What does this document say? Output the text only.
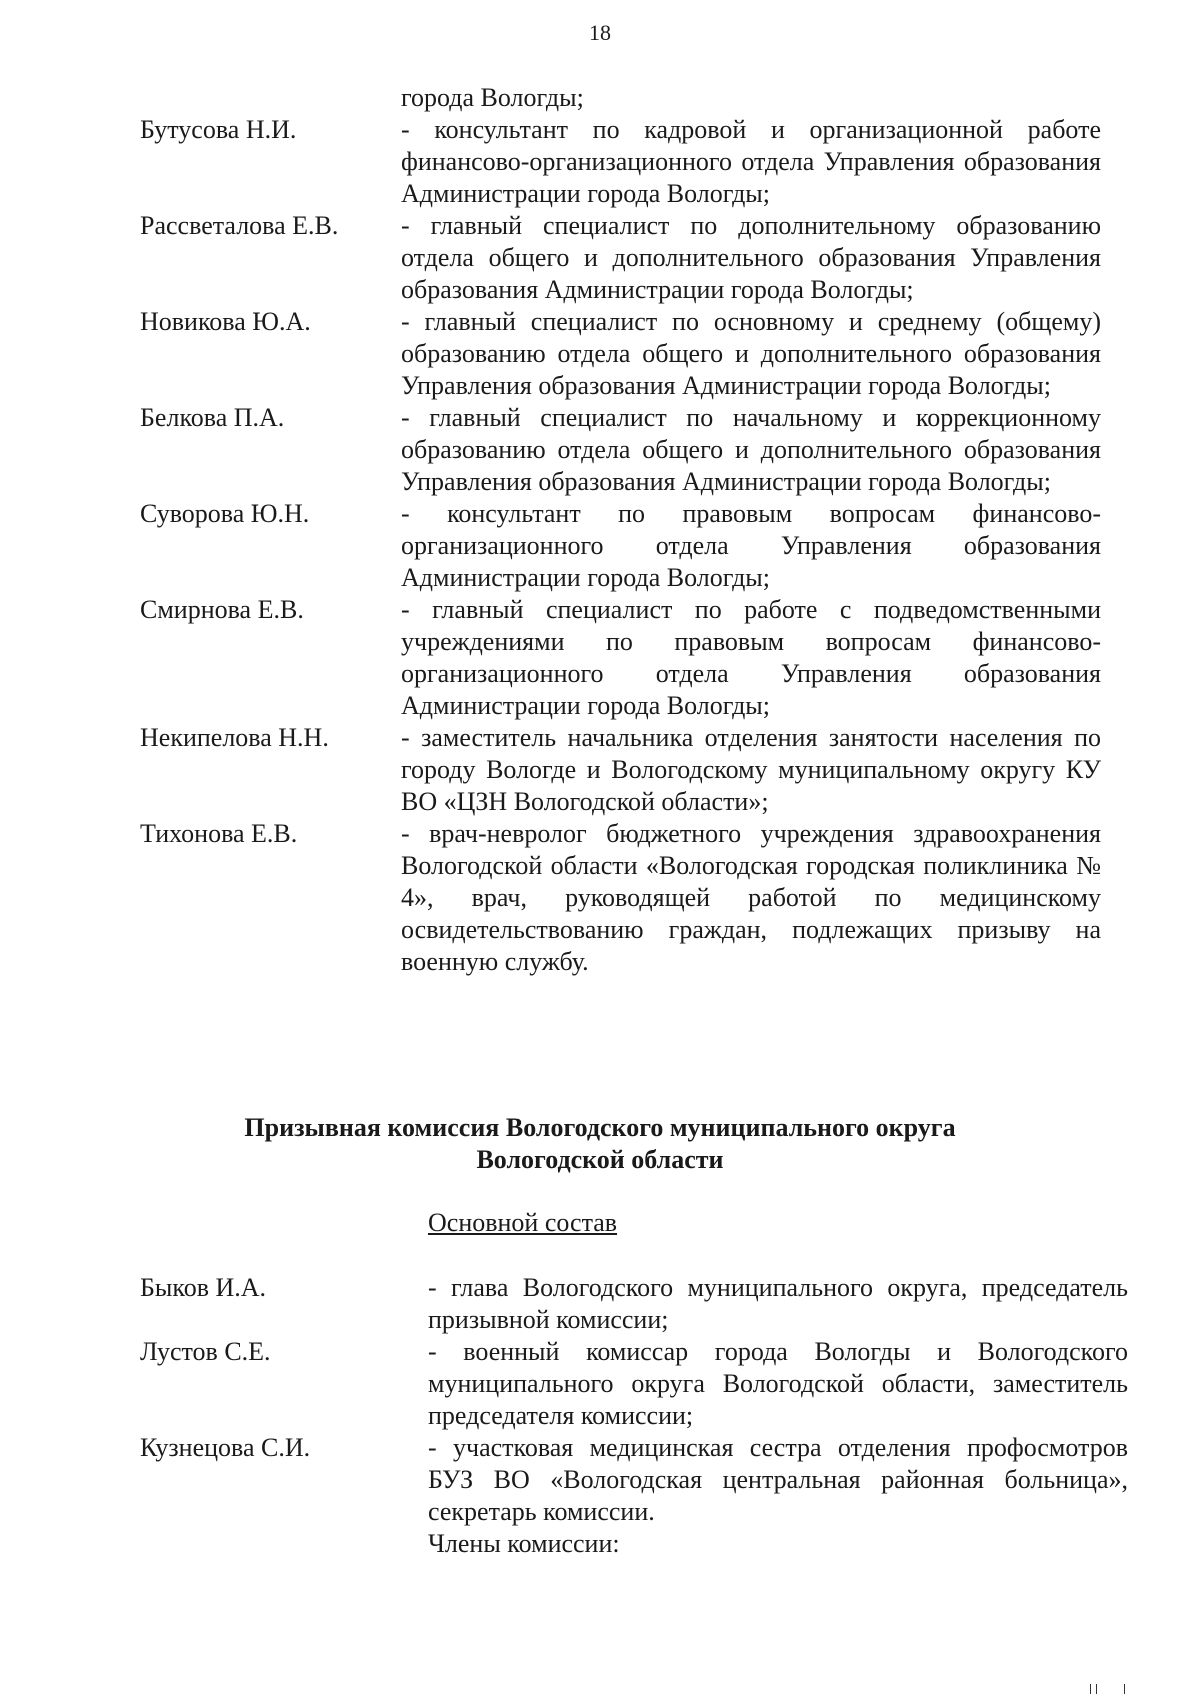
18
города Вологды;
Бутусова Н.И.	- консультант по кадровой и организационной работе финансово-организационного отдела Управления образования Администрации города Вологды;
Рассветалова Е.В. - главный специалист по дополнительному образованию отдела общего и дополнительного образования Управления образования Администрации города Вологды;
Новикова Ю.А.	- главный специалист по основному и среднему (общему) образованию отдела общего и дополнительного образования Управления образования Администрации города Вологды;
Белкова П.А.	- главный специалист по начальному и коррекционному образованию отдела общего и дополнительного образования Управления образования Администрации города Вологды;
Суворова Ю.Н.	- консультант по правовым вопросам финансово-организационного отдела Управления образования Администрации города Вологды;
Смирнова Е.В.	- главный специалист по работе с подведомственными учреждениями по правовым вопросам финансово-организационного отдела Управления образования Администрации города Вологды;
Некипелова Н.Н.	- заместитель начальника отделения занятости населения по городу Вологде и Вологодскому муниципальному округу КУ ВО «ЦЗН Вологодской области»;
Тихонова Е.В.	- врач-невролог бюджетного учреждения здравоохранения Вологодской области «Вологодская городская поликлиника № 4», врач, руководящей работой по медицинскому освидетельствованию граждан, подлежащих призыву на военную службу.
Призывная комиссия Вологодского муниципального округа
Вологодской области
Основной состав
Быков И.А.	- глава Вологодского муниципального округа, председатель призывной комиссии;
Лустов С.Е.	- военный комиссар города Вологды и Вологодского муниципального округа Вологодской области, заместитель председателя комиссии;
Кузнецова С.И.	- участковая медицинская сестра отделения профосмотров БУЗ ВО «Вологодская центральная районная больница», секретарь комиссии.
Члены комиссии:
